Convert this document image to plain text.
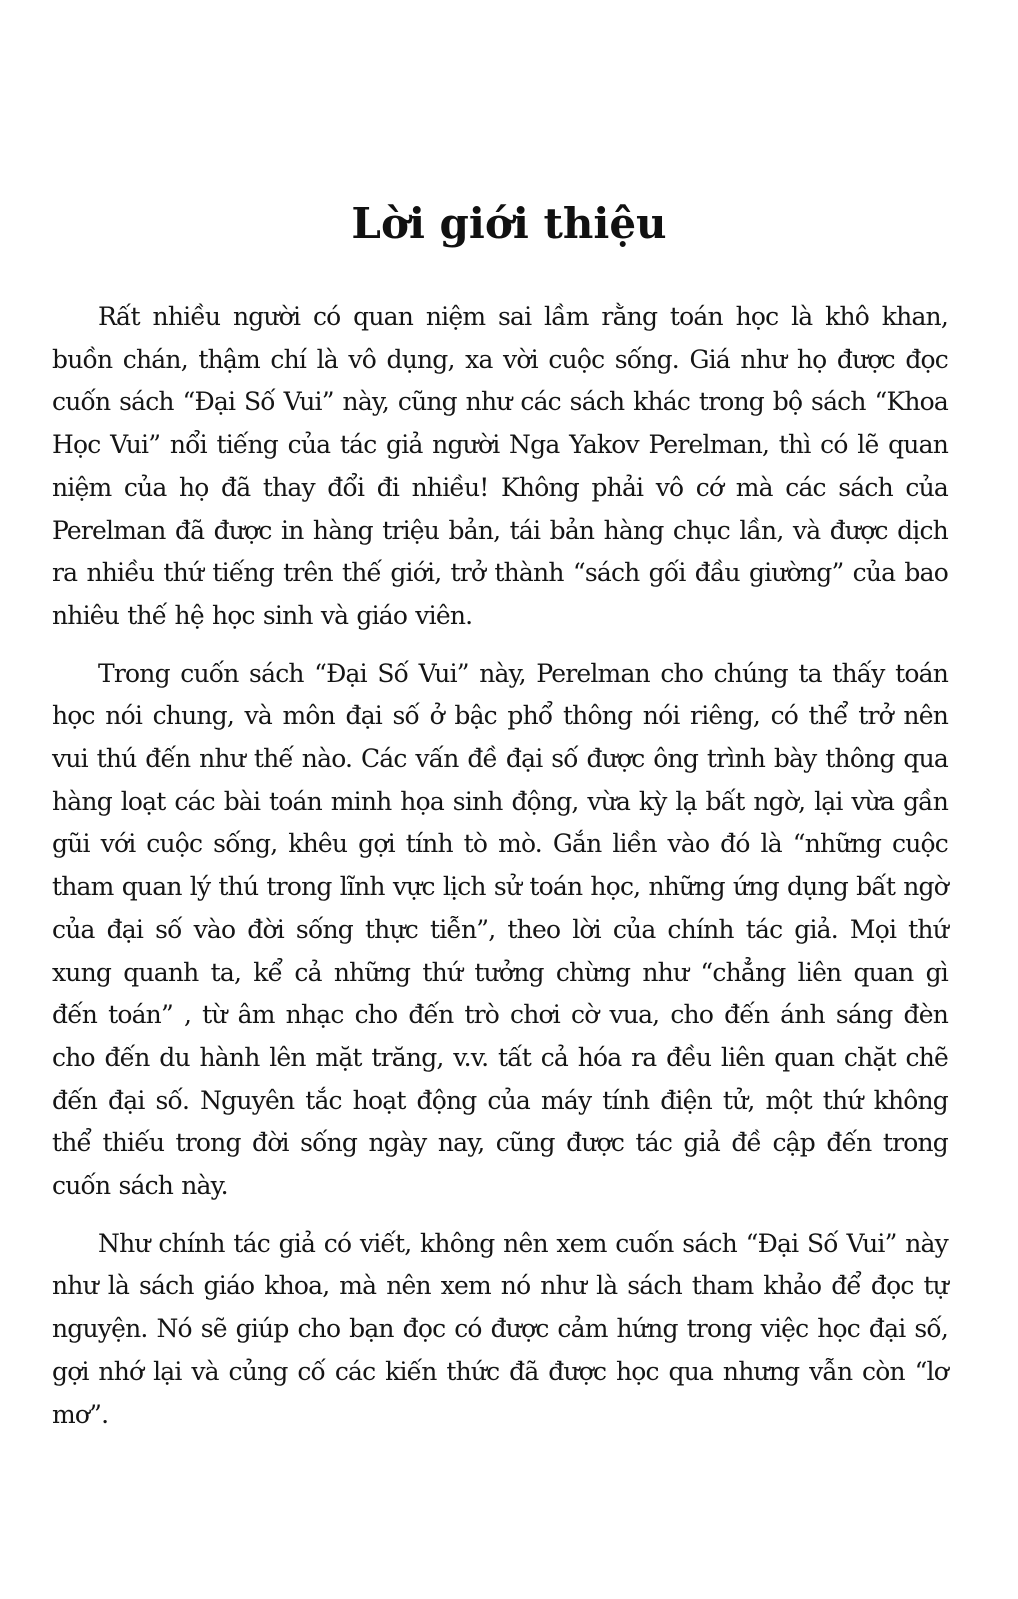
Lời giới thiệu

Rất nhiều người có quan niệm sai lầm rằng toán học là khô khan, buồn chán, thậm chí là vô dụng, xa vời cuộc sống. Giá như họ được đọc cuốn sách “Đại Số Vui” này, cũng như các sách khác trong bộ sách “Khoa Học Vui” nổi tiếng của tác giả người Nga Yakov Perelman, thì có lẽ quan niệm của họ đã thay đổi đi nhiều! Không phải vô cớ mà các sách của Perelman đã được in hàng triệu bản, tái bản hàng chục lần, và được dịch ra nhiều thứ tiếng trên thế giới, trở thành “sách gối đầu giường” của bao nhiêu thế hệ học sinh và giáo viên.

Trong cuốn sách “Đại Số Vui” này, Perelman cho chúng ta thấy toán học nói chung, và môn đại số ở bậc phổ thông nói riêng, có thể trở nên vui thú đến như thế nào. Các vấn đề đại số được ông trình bày thông qua hàng loạt các bài toán minh họa sinh động, vừa kỳ lạ bất ngờ, lại vừa gần gũi với cuộc sống, khêu gợi tính tò mò. Gắn liền vào đó là “những cuộc tham quan lý thú trong lĩnh vực lịch sử toán học, những ứng dụng bất ngờ của đại số vào đời sống thực tiễn”, theo lời của chính tác giả. Mọi thứ xung quanh ta, kể cả những thứ tưởng chừng như “chẳng liên quan gì đến toán” , từ âm nhạc cho đến trò chơi cờ vua, cho đến ánh sáng đèn cho đến du hành lên mặt trăng, v.v. tất cả hóa ra đều liên quan chặt chẽ đến đại số. Nguyên tắc hoạt động của máy tính điện tử, một thứ không thể thiếu trong đời sống ngày nay, cũng được tác giả đề cập đến trong cuốn sách này.

Như chính tác giả có viết, không nên xem cuốn sách “Đại Số Vui” này như là sách giáo khoa, mà nên xem nó như là sách tham khảo để đọc tự nguyện. Nó sẽ giúp cho bạn đọc có được cảm hứng trong việc học đại số, gợi nhớ lại và củng cố các kiến thức đã được học qua nhưng vẫn còn “lơ mơ”.
